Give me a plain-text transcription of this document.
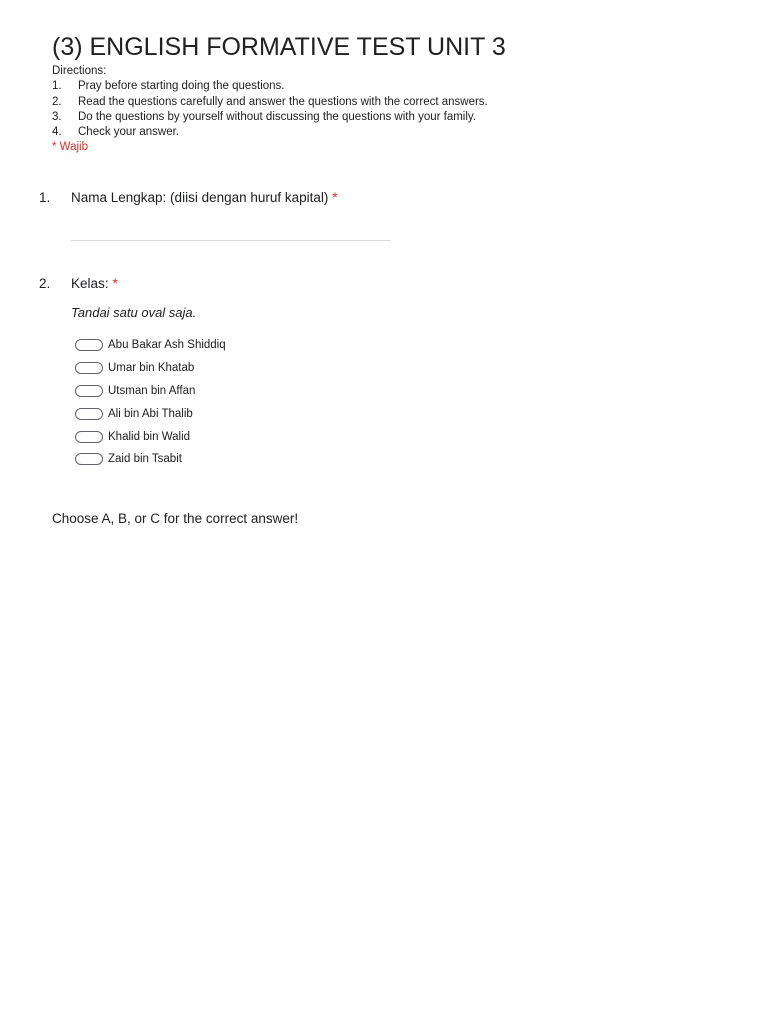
(3) ENGLISH FORMATIVE TEST UNIT 3
Directions:
1.	Pray before starting doing the questions.
2.	Read the questions carefully and answer the questions with the correct answers.
3.	Do the questions by yourself without discussing the questions with your family.
4.	Check your answer.
* Wajib
1.	Nama Lengkap: (diisi dengan huruf kapital) *
2.	Kelas: *
Tandai satu oval saja.
Abu Bakar Ash Shiddiq
Umar bin Khatab
Utsman bin Affan
Ali bin Abi Thalib
Khalid bin Walid
Zaid bin Tsabit
Choose A, B, or C for the correct answer!
